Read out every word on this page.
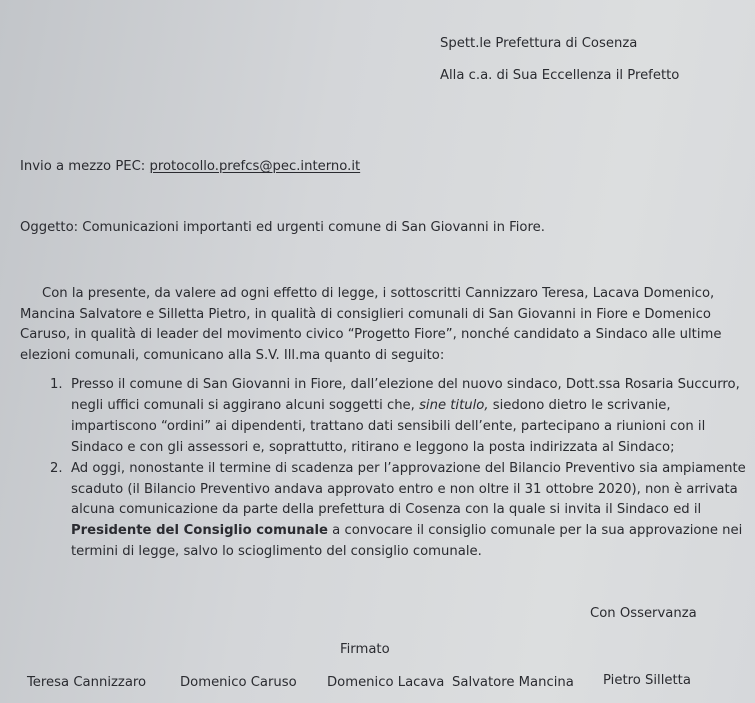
Spett.le Prefettura di Cosenza
Alla c.a. di Sua Eccellenza il Prefetto
Invio a mezzo PEC: protocollo.prefcs@pec.interno.it
Oggetto: Comunicazioni importanti ed urgenti comune di San Giovanni in Fiore.
Con la presente, da valere ad ogni effetto di legge, i sottoscritti Cannizzaro Teresa, Lacava Domenico,
Mancina Salvatore e Silletta Pietro, in qualità di consiglieri comunali di San Giovanni in Fiore e Domenico
Caruso, in qualità di leader del movimento civico “Progetto Fiore”, nonché candidato a Sindaco alle ultime
elezioni comunali, comunicano alla S.V. Ill.ma quanto di seguito:
1. Presso il comune di San Giovanni in Fiore, dall’elezione del nuovo sindaco, Dott.ssa Rosaria Succurro,
negli uffici comunali si aggirano alcuni soggetti che, sine titulo, siedono dietro le scrivanie,
impartiscono “ordini” ai dipendenti, trattano dati sensibili dell’ente, partecipano a riunioni con il
Sindaco e con gli assessori e, soprattutto, ritirano e leggono la posta indirizzata al Sindaco;
2. Ad oggi, nonostante il termine di scadenza per l’approvazione del Bilancio Preventivo sia ampiamente
scaduto (il Bilancio Preventivo andava approvato entro e non oltre il 31 ottobre 2020), non è arrivata
alcuna comunicazione da parte della prefettura di Cosenza con la quale si invita il Sindaco ed il
Presidente del Consiglio comunale a convocare il consiglio comunale per la sua approvazione nei
termini di legge, salvo lo scioglimento del consiglio comunale.
Con Osservanza
Firmato
Teresa Cannizzaro	Domenico Caruso Domenico Lacava Salvatore Mancina Pietro Silletta
